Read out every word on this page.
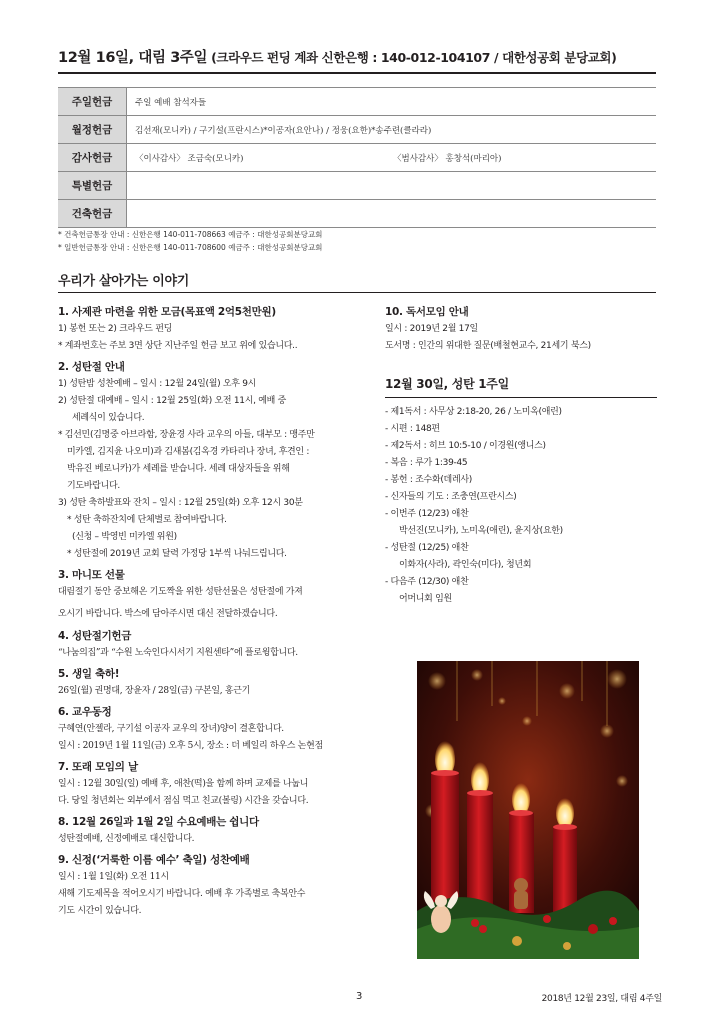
12월 16일, 대림 3주일 (크라우드 펀딩 계좌 신한은행 : 140-012-104107 / 대한성공회 분당교회)
주일헌금	주일 예배 참석자들
월정헌금	김선재(모니카) / 구기설(프란시스)*이공자(요안나) / 정웅(요한)*송주련(클라라)
감사헌금	〈이사감사〉 조금숙(모니카) 〈범사감사〉 홍창석(마리아)
특별헌금	
건축헌금	
* 건축헌금통장 안내 : 신한은행 140-011-708663 예금주 : 대한성공회분당교회
* 일반헌금통장 안내 : 신한은행 140-011-708600 예금주 : 대한성공회분당교회
우리가 살아가는 이야기
1. 사제관 마련을 위한 모금(목표액 2억5천만원)
1) 봉헌 또는 2) 크라우드 펀딩
* 계좌번호는 주보 3면 상단 지난주일 헌금 보고 위에 있습니다..
2. 성탄절 안내
1) 성탄밤 성찬예배 – 일시 : 12월 24일(월) 오후 9시
2) 성탄절 대예배 – 일시 : 12월 25일(화) 오전 11시, 예배 중
세례식이 있습니다.
* 김선민(김명중 아브라함, 장윤경 사라 교우의 아들, 대부모 : 맹주만
미카엘, 김지윤 나오미)과 김새봄(김옥경 카타리나 장녀, 후견인 :
박유진 베로니카)가 세례를 받습니다. 세례 대상자들을 위해
기도바랍니다.
3) 성탄 축하발표와 잔치 – 일시 : 12월 25일(화) 오후 12시 30분
* 성탄 축하잔치에 단체별로 참여바랍니다.
(신청 – 박영빈 미카엘 위원)
* 성탄절에 2019년 교회 달력 가정당 1부씩 나눠드립니다.
3. 마니또 선물
대림절기 동안 중보해온 기도짝을 위한 성탄선물은 성탄절에 가져
오시기 바랍니다. 박스에 담아주시면 대신 전달하겠습니다.
4. 성탄절기헌금
“나눔의집”과 “수원 노숙인다시서기 지원센타”에 플로윙합니다.
5. 생일 축하!
26일(월) 권명대, 장윤자 / 28일(금) 구본일, 홍근기
6. 교우동정
구혜연(안젤라, 구기설 이공자 교우의 장녀)양이 결혼합니다.
일시 : 2019년 1월 11일(금) 오후 5시, 장소 : 더 베일리 하우스 논현점
7. 또래 모임의 날
일시 : 12월 30일(일) 예배 후, 애찬(떡)을 함께 하며 교제를 나눕니
다. 당일 청년회는 외부에서 점심 먹고 친교(볼링) 시간을 갖습니다.
8. 12월 26일과 1월 2일 수요예배는 쉽니다
성탄절예배, 신정예배로 대신합니다.
9. 신정(‘거룩한 이름 예수’ 축일) 성찬예배
일시 : 1월 1일(화) 오전 11시
새해 기도제목을 적어오시기 바랍니다. 예배 후 가족별로 축복안수
기도 시간이 있습니다.
10. 독서모임 안내
일시 : 2019년 2월 17일
도서명 : 인간의 위대한 질문(배철현교수, 21세기 북스)
12월 30일, 성탄 1주일
- 제1독서 : 사무상 2:18-20, 26 / 노미옥(애린)
- 시편 : 148편
- 제2독서 : 히브 10:5-10 / 이경원(앵니스)
- 복음 : 루가 1:39-45
- 봉헌 : 조수화(데레사)
- 신자들의 기도 : 조충연(프란시스)
- 이번주 (12/23) 애찬
박선진(모니카), 노미옥(애린), 윤지상(요한)
- 성탄절 (12/25) 애찬
이화자(사라), 곽인숙(미다), 청년회
- 다음주 (12/30) 애찬
어머니회 임원
3	2018년 12월 23일, 대림 4주일
